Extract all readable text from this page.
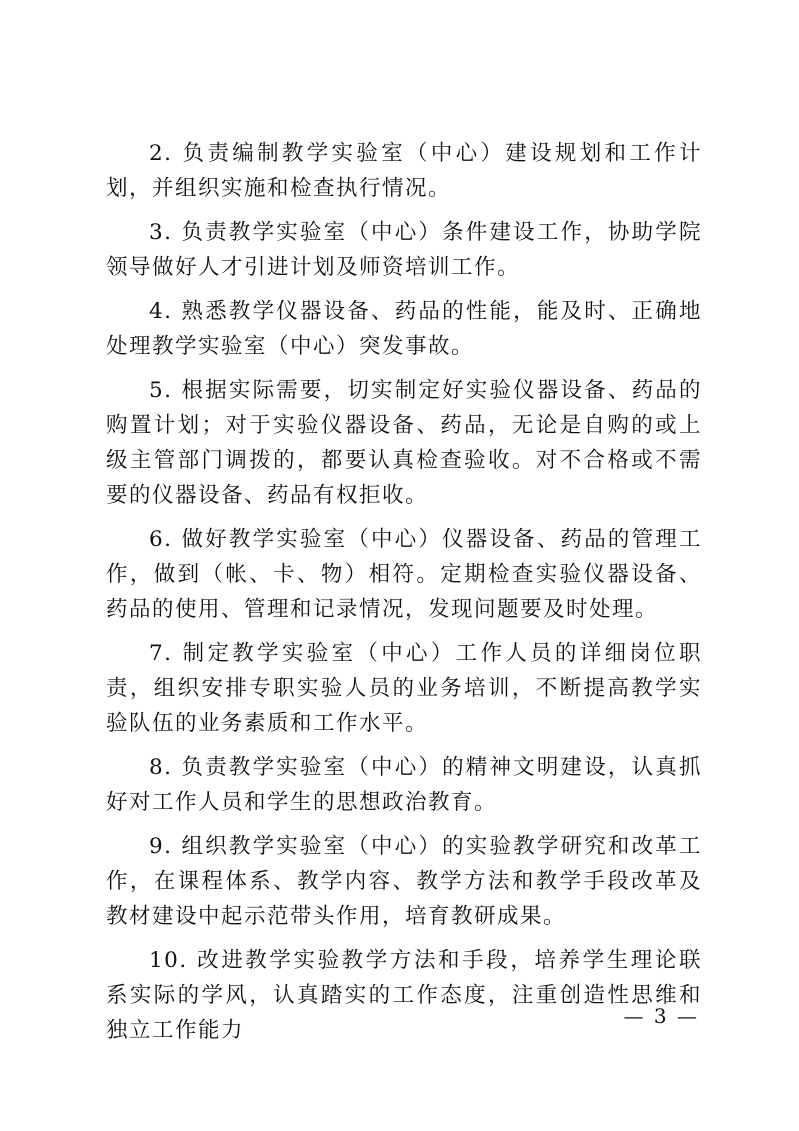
2. 负责编制教学实验室（中心）建设规划和工作计划，并组织实施和检查执行情况。

3. 负责教学实验室（中心）条件建设工作，协助学院领导做好人才引进计划及师资培训工作。

4. 熟悉教学仪器设备、药品的性能，能及时、正确地处理教学实验室（中心）突发事故。

5. 根据实际需要，切实制定好实验仪器设备、药品的购置计划；对于实验仪器设备、药品，无论是自购的或上级主管部门调拨的，都要认真检查验收。对不合格或不需要的仪器设备、药品有权拒收。

6. 做好教学实验室（中心）仪器设备、药品的管理工作，做到（帐、卡、物）相符。定期检查实验仪器设备、药品的使用、管理和记录情况，发现问题要及时处理。

7. 制定教学实验室（中心）工作人员的详细岗位职责，组织安排专职实验人员的业务培训，不断提高教学实验队伍的业务素质和工作水平。

8. 负责教学实验室（中心）的精神文明建设，认真抓好对工作人员和学生的思想政治教育。

9. 组织教学实验室（中心）的实验教学研究和改革工作，在课程体系、教学内容、教学方法和教学手段改革及教材建设中起示范带头作用，培育教研成果。

10. 改进教学实验教学方法和手段，培养学生理论联系实际的学风，认真踏实的工作态度，注重创造性思维和独立工作能力

— 3 —
